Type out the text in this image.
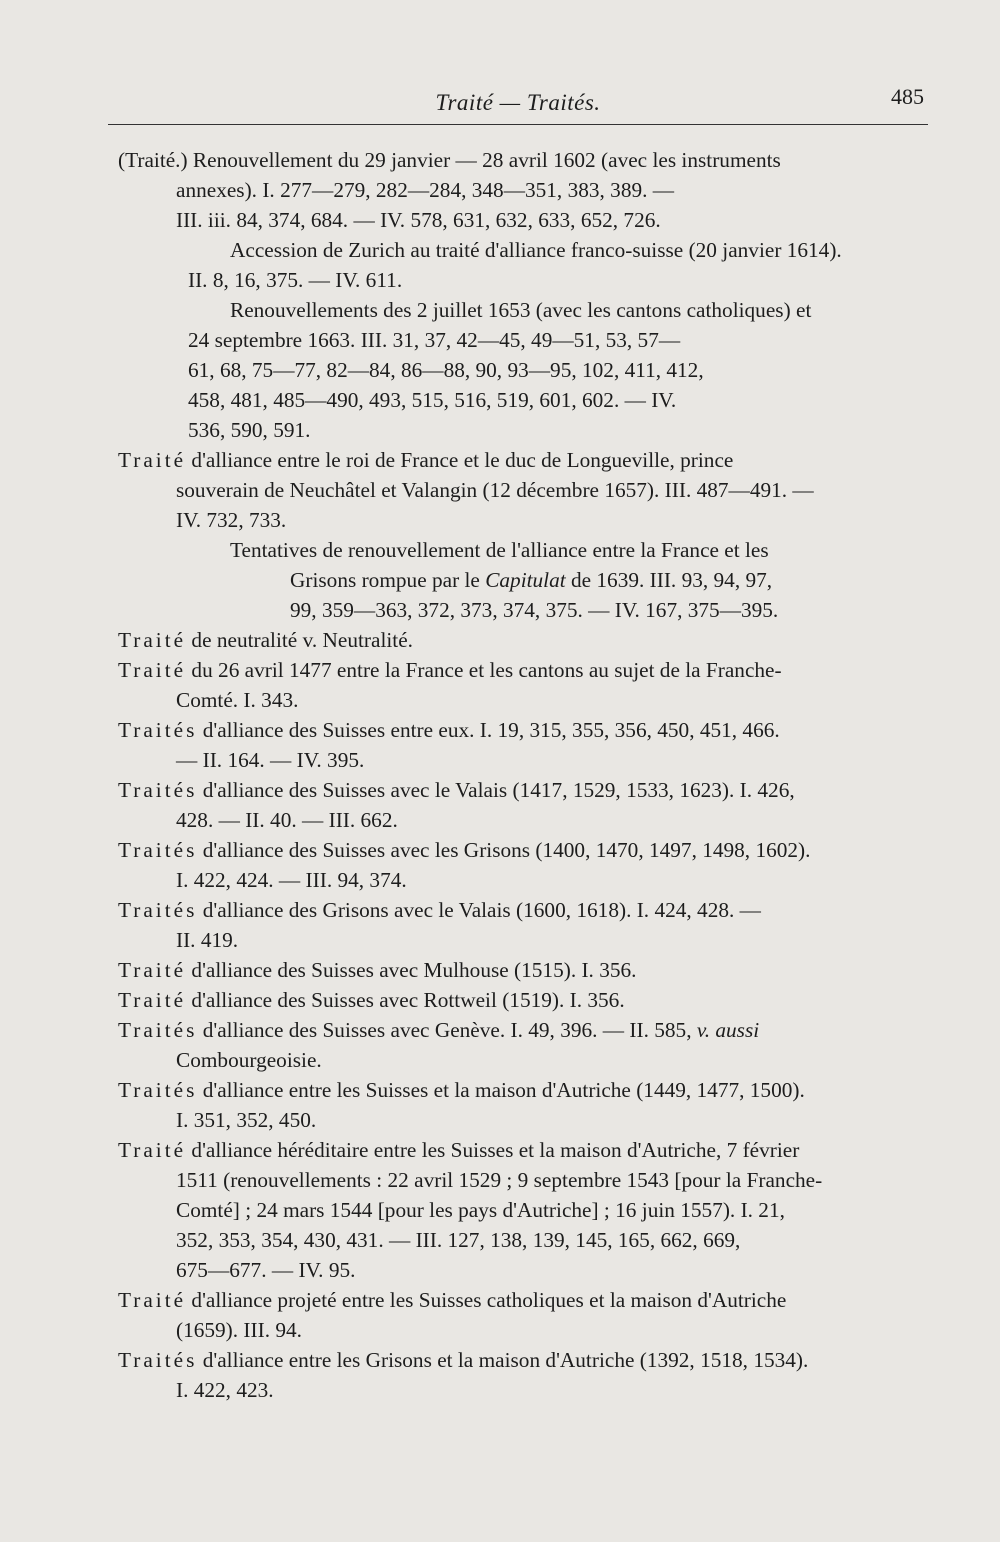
Traité — Traités.	485
(Traité.) Renouvellement du 29 janvier — 28 avril 1602 (avec les instruments
annexes). I. 277—279, 282—284, 348—351, 383, 389. —
III. iii. 84, 374, 684. — IV. 578, 631, 632, 633, 652, 726.
Accession de Zurich au traité d'alliance franco-suisse (20 janvier 1614).
II. 8, 16, 375. — IV. 611.
Renouvellements des 2 juillet 1653 (avec les cantons catholiques) et
24 septembre 1663. III. 31, 37, 42—45, 49—51, 53, 57—
61, 68, 75—77, 82—84, 86—88, 90, 93—95, 102, 411, 412,
458, 481, 485—490, 493, 515, 516, 519, 601, 602. — IV.
536, 590, 591.
Traité d'alliance entre le roi de France et le duc de Longueville, prince
souverain de Neuchâtel et Valangin (12 décembre 1657). III. 487—491. —
IV. 732, 733.
Tentatives de renouvellement de l'alliance entre la France et les
Grisons rompue par le Capitulat de 1639. III. 93, 94, 97,
99, 359—363, 372, 373, 374, 375. — IV. 167, 375—395.
Traité de neutralité v. Neutralité.
Traité du 26 avril 1477 entre la France et les cantons au sujet de la Franche-
Comté. I. 343.
Traités d'alliance des Suisses entre eux. I. 19, 315, 355, 356, 450, 451, 466.
— II. 164. — IV. 395.
Traités d'alliance des Suisses avec le Valais (1417, 1529, 1533, 1623). I. 426,
428. — II. 40. — III. 662.
Traités d'alliance des Suisses avec les Grisons (1400, 1470, 1497, 1498, 1602).
I. 422, 424. — III. 94, 374.
Traités d'alliance des Grisons avec le Valais (1600, 1618). I. 424, 428. —
II. 419.
Traité d'alliance des Suisses avec Mulhouse (1515). I. 356.
Traité d'alliance des Suisses avec Rottweil (1519). I. 356.
Traités d'alliance des Suisses avec Genève. I. 49, 396. — II. 585, v. aussi
Combourgeoisie.
Traités d'alliance entre les Suisses et la maison d'Autriche (1449, 1477, 1500).
I. 351, 352, 450.
Traité d'alliance héréditaire entre les Suisses et la maison d'Autriche, 7 février
1511 (renouvellements : 22 avril 1529 ; 9 septembre 1543 [pour la Franche-
Comté] ; 24 mars 1544 [pour les pays d'Autriche] ; 16 juin 1557). I. 21,
352, 353, 354, 430, 431. — III. 127, 138, 139, 145, 165, 662, 669,
675—677. — IV. 95.
Traité d'alliance projeté entre les Suisses catholiques et la maison d'Autriche
(1659). III. 94.
Traités d'alliance entre les Grisons et la maison d'Autriche (1392, 1518, 1534).
I. 422, 423.
